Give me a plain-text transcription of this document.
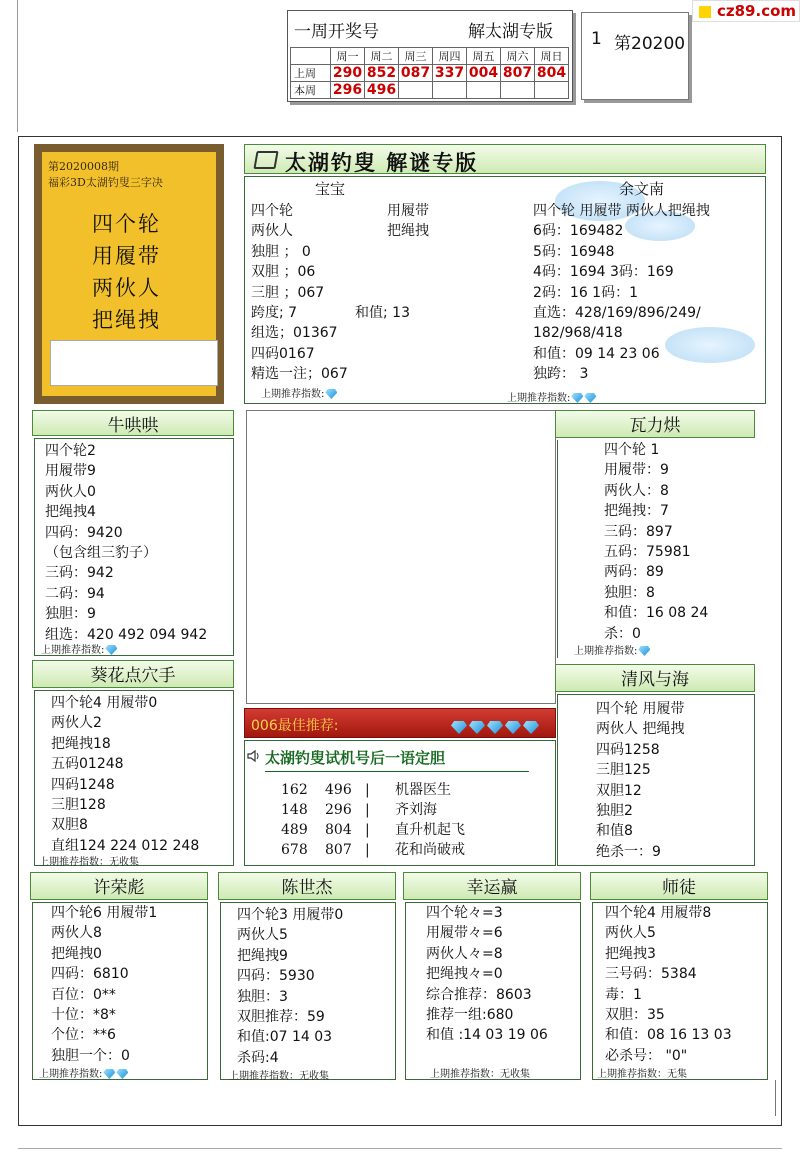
一周开奖号	解太湖专版 1
	周一	周二	周三	周四	周五	周六	周日
上周	290	852	087	337	004	807	804
本周	296	496					
第20200
cz89.com
第2020008期
福彩3D太湖钓叟三字决
四个轮
用履带
两伙人
把绳拽
太湖钓叟 解谜专版
宝宝
四个轮
两伙人
独胆 ； 0
双胆 ；06
三胆 ；067
跨度; 7
组选；01367
四码0167
精选一注；067
用履带
把绳拽
和值; 13
上期推荐指数:
余文南
四个轮 用履带 两伙人把绳拽
6码：169482
5码：16948
4码：1694 3码：169
2码：16 1码：1
直选：428/169/896/249/
182/968/418
和值：09 14 23 06
独跨： 3
上期推荐指数:
牛哄哄
四个轮2
用履带9
两伙人0
把绳拽4
四码：9420
（包含组三豹子）
三码：942
二码：94
独胆：9
组选：420 492 094 942
上期推荐指数:
瓦力烘
四个轮 1
用履带：9
两伙人：8
把绳拽：7
三码：897
五码：75981
两码：89
独胆：8
和值：16 08 24
杀：0
上期推荐指数:
葵花点穴手
四个轮4 用履带0
两伙人2
把绳拽18
五码01248
四码1248
三胆128
双胆8
直组124 224 012 248
上期推荐指数：无收集
006最佳推荐:
太湖钓叟试机号后一语定胆
162 496 | 机器医生
148 296 | 齐刘海
489 804 | 直升机起飞
678 807 | 花和尚破戒
清风与海
四个轮 用履带
两伙人 把绳拽
四码1258
三胆125
双胆12
独胆2
和值8
绝杀一：9
许荣彪
四个轮6 用履带1
两伙人8
把绳拽0
四码：6810
百位：0**
十位：*8*
个位：**6
独胆一个：0
上期推荐指数:
陈世杰
四个轮3 用履带0
两伙人5
把绳拽9
四码：5930
独胆：3
双胆推荐：59
和值:07 14 03
杀码:4
上期推荐指数：无收集
幸运赢
四个轮々=3
用履带々=6
两伙人々=8
把绳拽々=0
综合推荐：8603
推荐一组:680
和值 :14 03 19 06
上期推荐指数：无收集
师徒
四个轮4 用履带8
两伙人5
把绳拽3
三号码：5384
毒：1
双胆：35
和值：08 16 13 03
必杀号： "0"
上期推荐指数：无集
